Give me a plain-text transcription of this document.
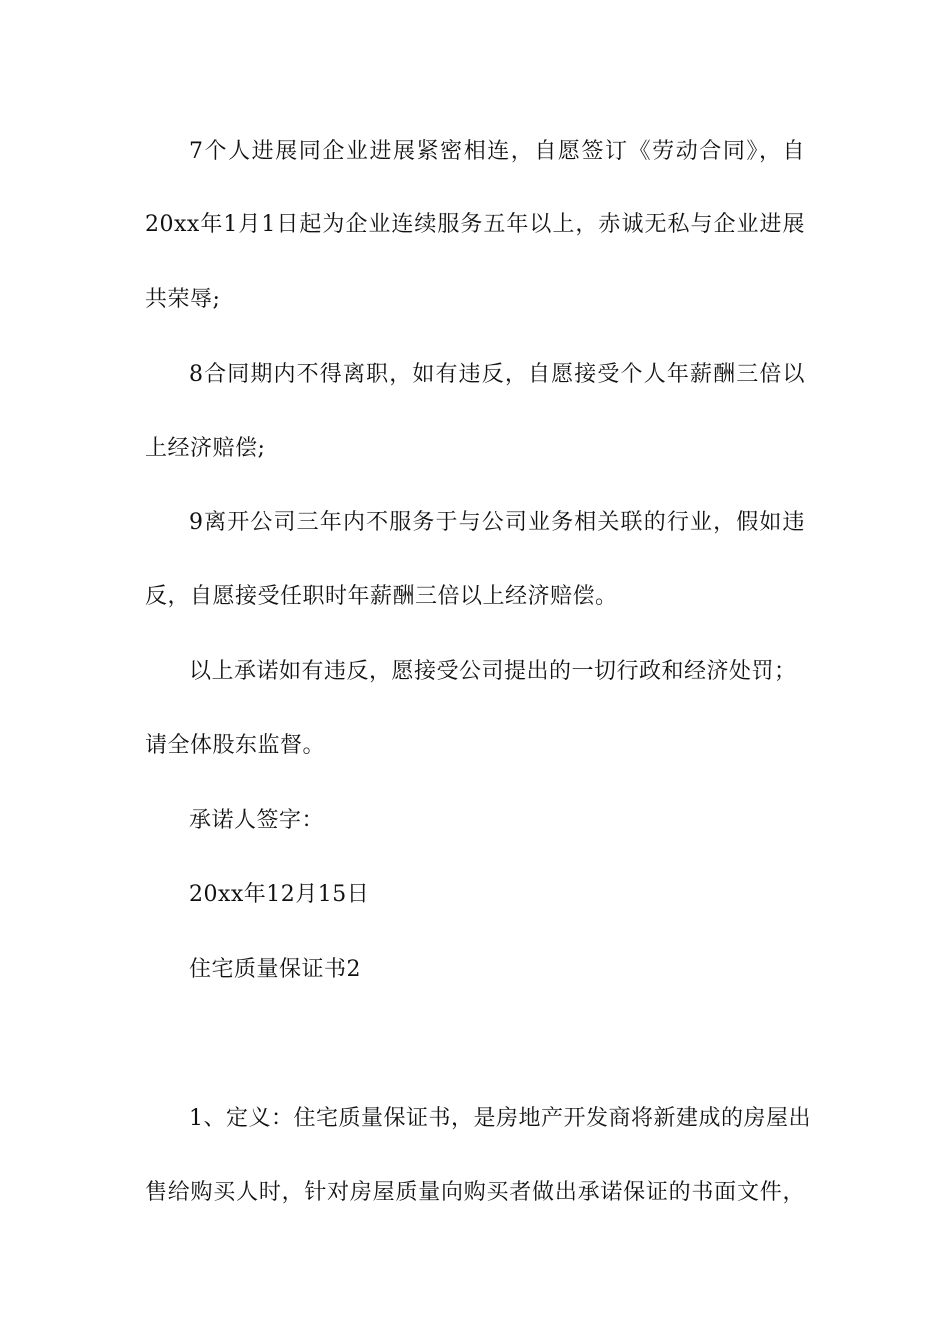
7个人进展同企业进展紧密相连，自愿签订《劳动合同》，自
20xx年1月1日起为企业连续服务五年以上，赤诚无私与企业进展
共荣辱;
8合同期内不得离职，如有违反，自愿接受个人年薪酬三倍以
上经济赔偿;
9离开公司三年内不服务于与公司业务相关联的行业，假如违
反，自愿接受任职时年薪酬三倍以上经济赔偿。
以上承诺如有违反，愿接受公司提出的一切行政和经济处罚；
请全体股东监督。
承诺人签字：
20xx年12月15日
住宅质量保证书2
1、定义：住宅质量保证书，是房地产开发商将新建成的房屋出
售给购买人时，针对房屋质量向购买者做出承诺保证的书面文件，
